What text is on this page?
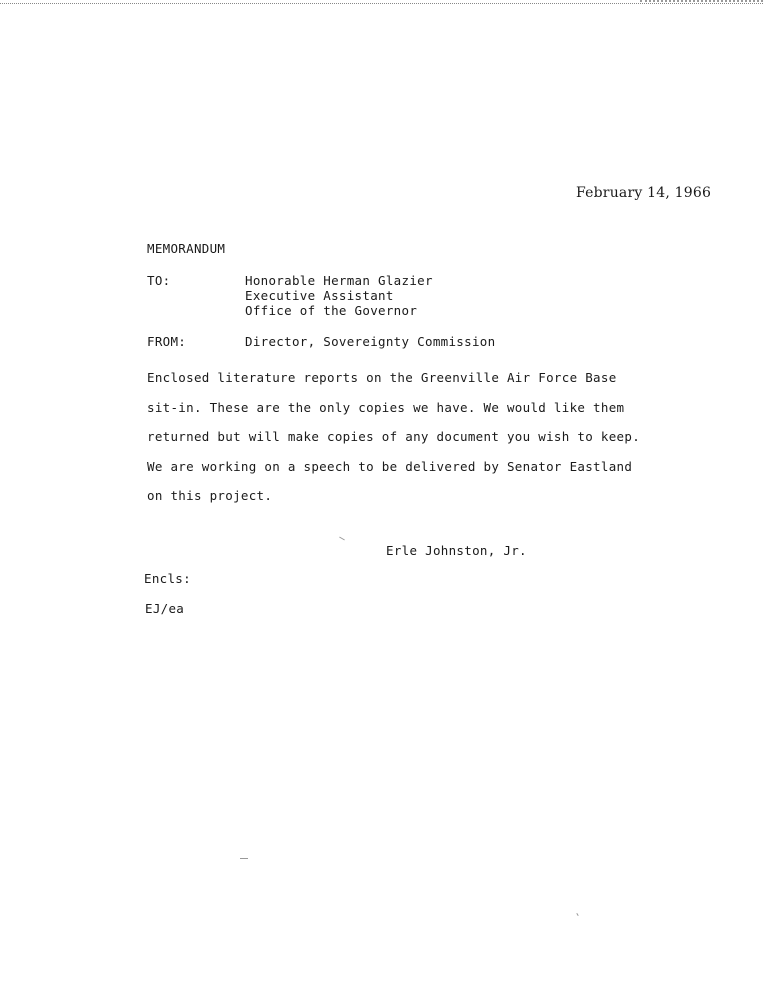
February 14, 1966
MEMORANDUM
TO:	Honorable Herman Glazier
Executive Assistant
Office of the Governor
FROM:	Director, Sovereignty Commission
Enclosed literature reports on the Greenville Air Force Base
sit-in. These are the only copies we have. We would like them
returned but will make copies of any document you wish to keep.
We are working on a speech to be delivered by Senator Eastland
on this project.
Erle Johnston, Jr.
Encls:
EJ/ea
